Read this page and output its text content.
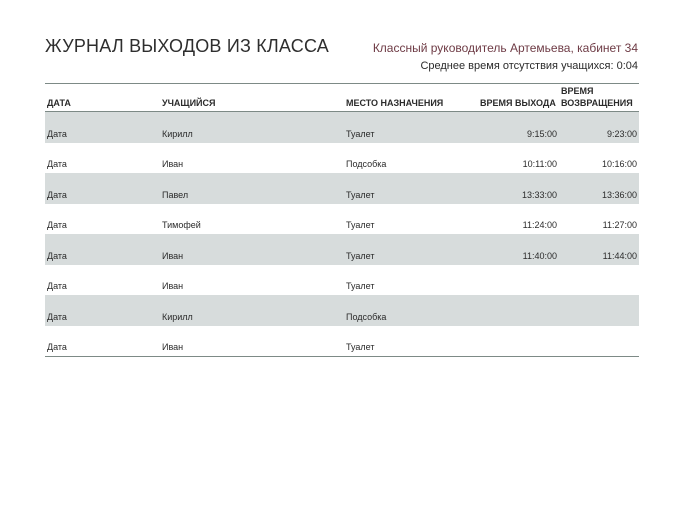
ЖУРНАЛ ВЫХОДОВ ИЗ КЛАССА	Классный руководитель Артемьева, кабинет 34
Среднее время отсутствия учащихся: 0:04
ДАТА	УЧАЩИЙСЯ	МЕСТО НАЗНАЧЕНИЯ	ВРЕМЯ ВЫХОДА	ВРЕМЯ
ВОЗВРАЩЕНИЯ
Дата	Кирилл	Туалет	9:15:00	9:23:00
Дата	Иван	Подсобка	10:11:00	10:16:00
Дата	Павел	Туалет	13:33:00	13:36:00
Дата	Тимофей	Туалет	11:24:00	11:27:00
Дата	Иван	Туалет	11:40:00	11:44:00
Дата	Иван	Туалет		
Дата	Кирилл	Подсобка		
Дата	Иван	Туалет		
